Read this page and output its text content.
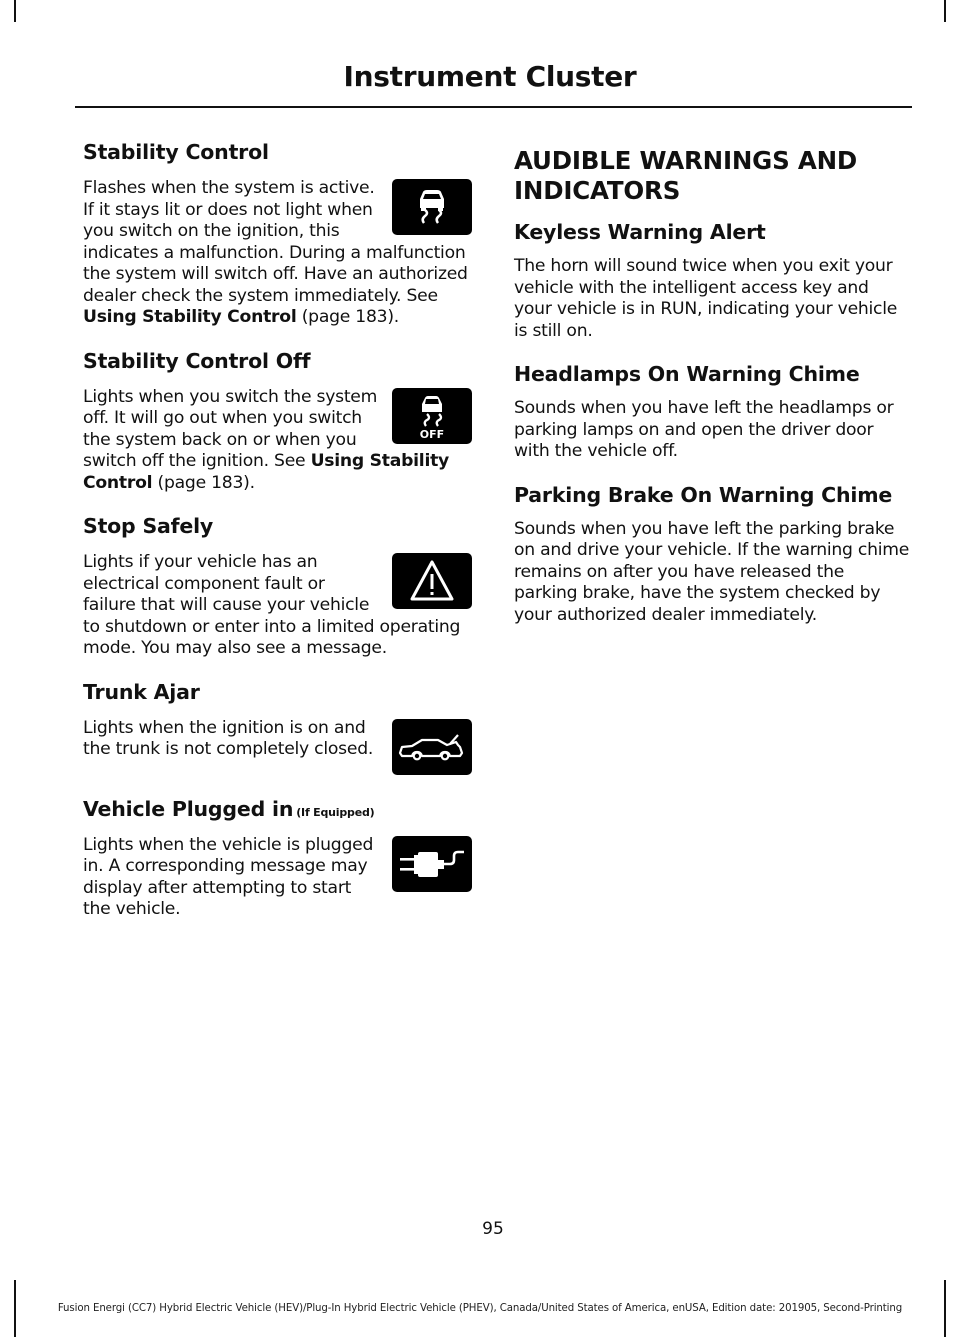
Instrument Cluster
Stability Control

Flashes when the system is active. If it stays lit or does not light when you switch on the ignition, this indicates a malfunction. During a malfunction the system will switch off. Have an authorized dealer check the system immediately. See Using Stability Control (page 183).

Stability Control Off
OFF

Lights when you switch the system off. It will go out when you switch the system back on or when you switch off the ignition. See Using Stability Control (page 183).

Stop Safely

Lights if your vehicle has an electrical component fault or failure that will cause your vehicle to shutdown or enter into a limited operating mode. You may also see a message.

Trunk Ajar

Lights when the ignition is on and the trunk is not completely closed.

Vehicle Plugged in (If Equipped)

Lights when the vehicle is plugged in. A corresponding message may display after attempting to start the vehicle.

AUDIBLE WARNINGS AND INDICATORS
Keyless Warning Alert

The horn will sound twice when you exit your vehicle with the intelligent access key and your vehicle is in RUN, indicating your vehicle is still on.

Headlamps On Warning Chime

Sounds when you have left the headlamps or parking lamps on and open the driver door with the vehicle off.

Parking Brake On Warning Chime

Sounds when you have left the parking brake on and drive your vehicle. If the warning chime remains on after you have released the parking brake, have the system checked by your authorized dealer immediately.

95
Fusion Energi (CC7) Hybrid Electric Vehicle (HEV)/Plug-In Hybrid Electric Vehicle (PHEV), Canada/United States of America, enUSA, Edition date: 201905, Second-Printing
